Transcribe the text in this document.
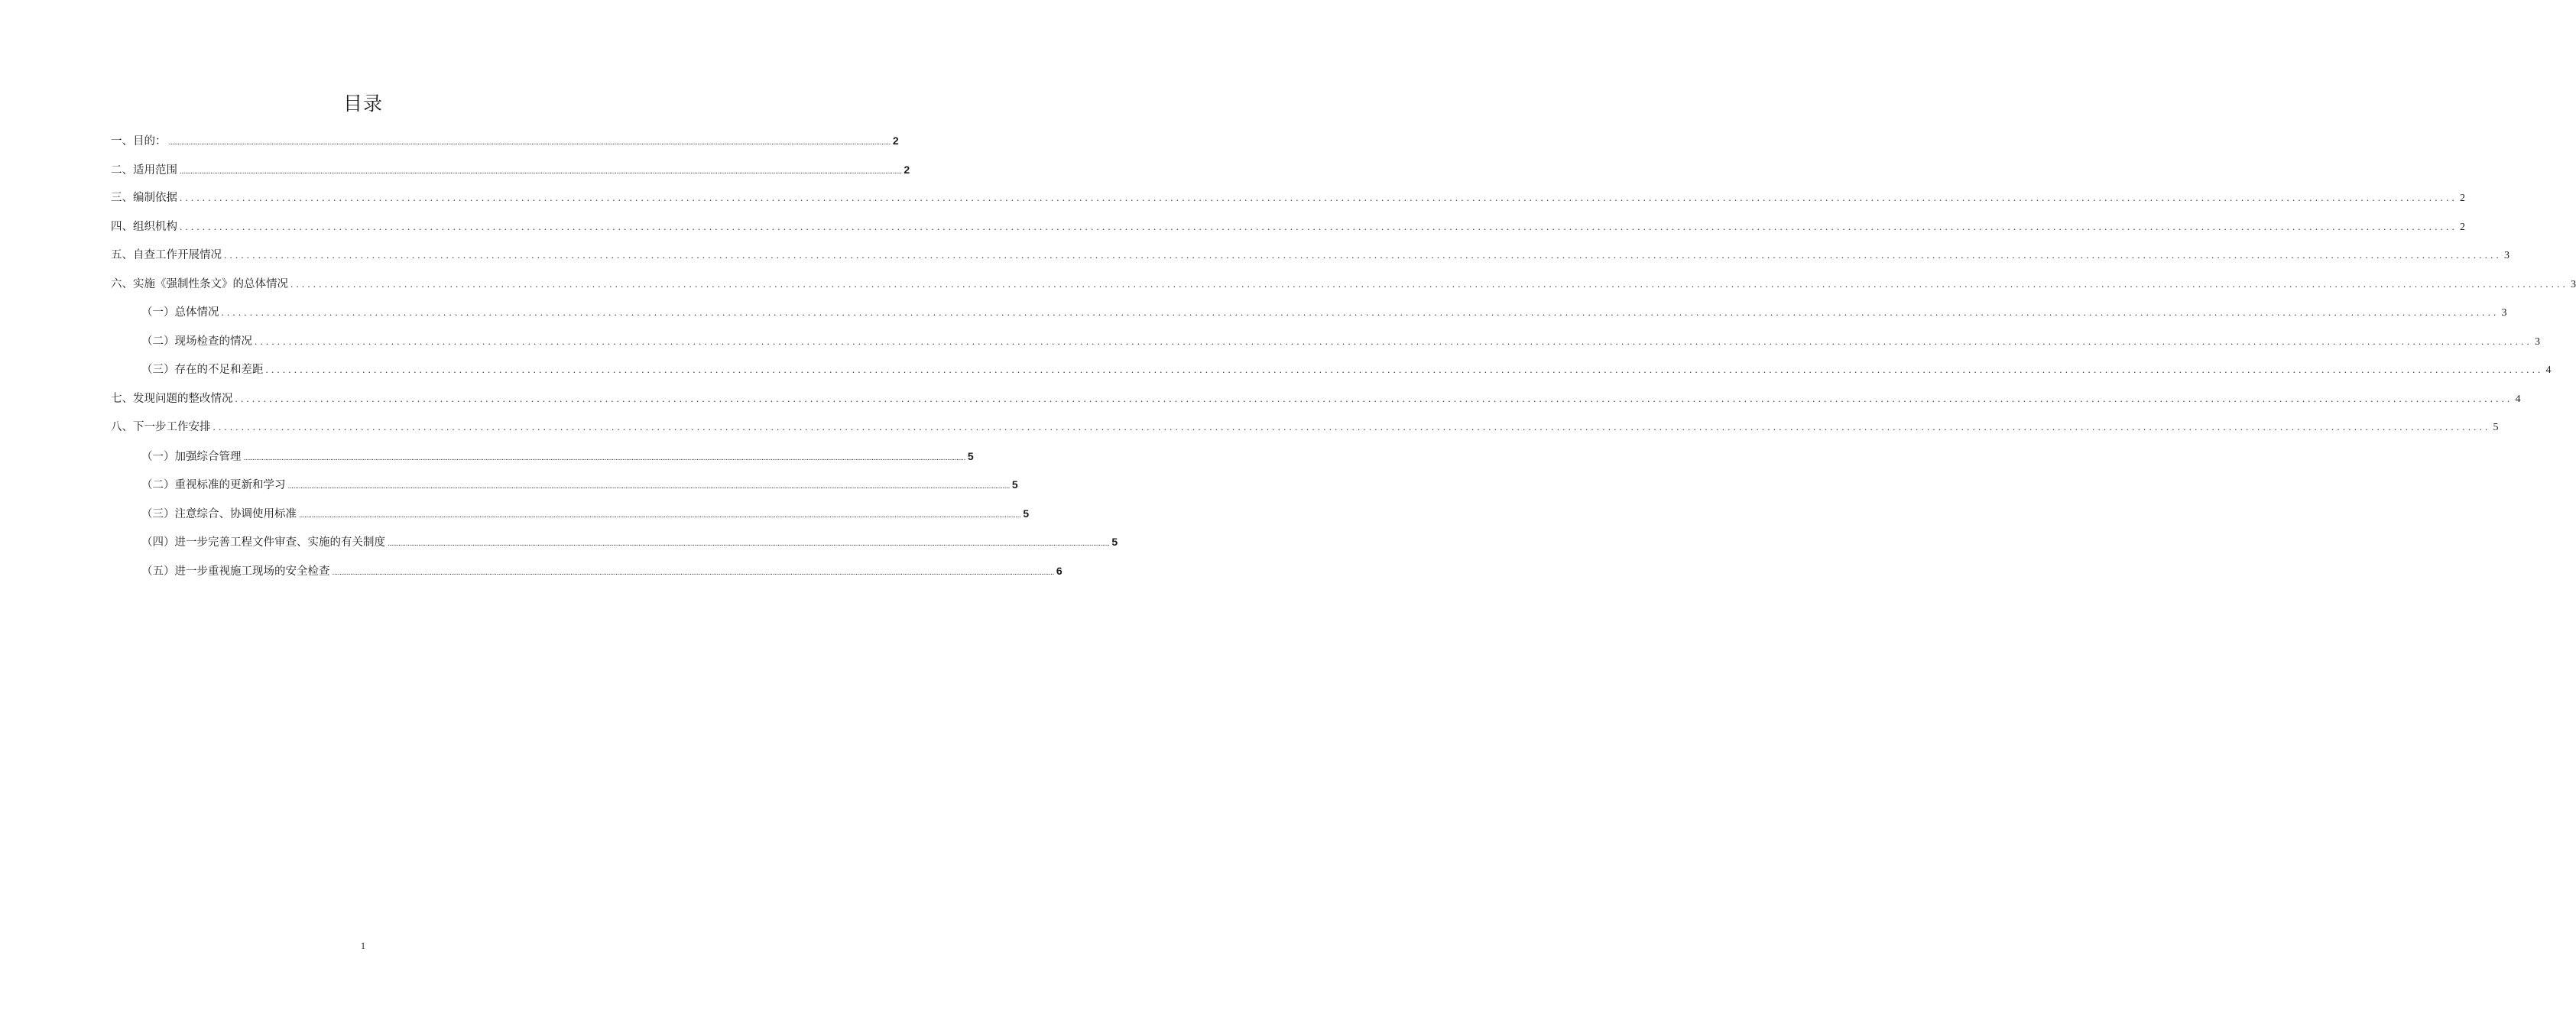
目录
一、目的： ................................................................................................................................................................................................................................................................................................................................................................................................................ 2
二、适用范围 ................................................................................................................................................................................................................................................................................................................................................................................................................ 2
三、编制依据 ................................................................................................................................................................................................................................................................................................................................................................................................................ 2
四、组织机构 ................................................................................................................................................................................................................................................................................................................................................................................................................ 2
五、自查工作开展情况 ................................................................................................................................................................................................................................................................................................................................................................................................................ 3
六、实施《强制性条文》的总体情况 ................................................................................................................................................................................................................................................................................................................................................................................................................ 3
（一）总体情况 ................................................................................................................................................................................................................................................................................................................................................................................................................ 3
（二）现场检查的情况 ................................................................................................................................................................................................................................................................................................................................................................................................................ 3
（三）存在的不足和差距 ................................................................................................................................................................................................................................................................................................................................................................................................................ 4
七、发现问题的整改情况 ................................................................................................................................................................................................................................................................................................................................................................................................................ 4
八、下一步工作安排 ................................................................................................................................................................................................................................................................................................................................................................................................................ 5
（一）加强综合管理 ................................................................................................................................................................................................................................................................................................................................................................................................................ 5
（二）重视标准的更新和学习 ................................................................................................................................................................................................................................................................................................................................................................................................................ 5
（三）注意综合、协调使用标准 ................................................................................................................................................................................................................................................................................................................................................................................................................ 5
（四）进一步完善工程文件审查、实施的有关制度 ................................................................................................................................................................................................................................................................................................................................................................................................................ 5
（五）进一步重视施工现场的安全检查 ................................................................................................................................................................................................................................................................................................................................................................................................................ 6
1
